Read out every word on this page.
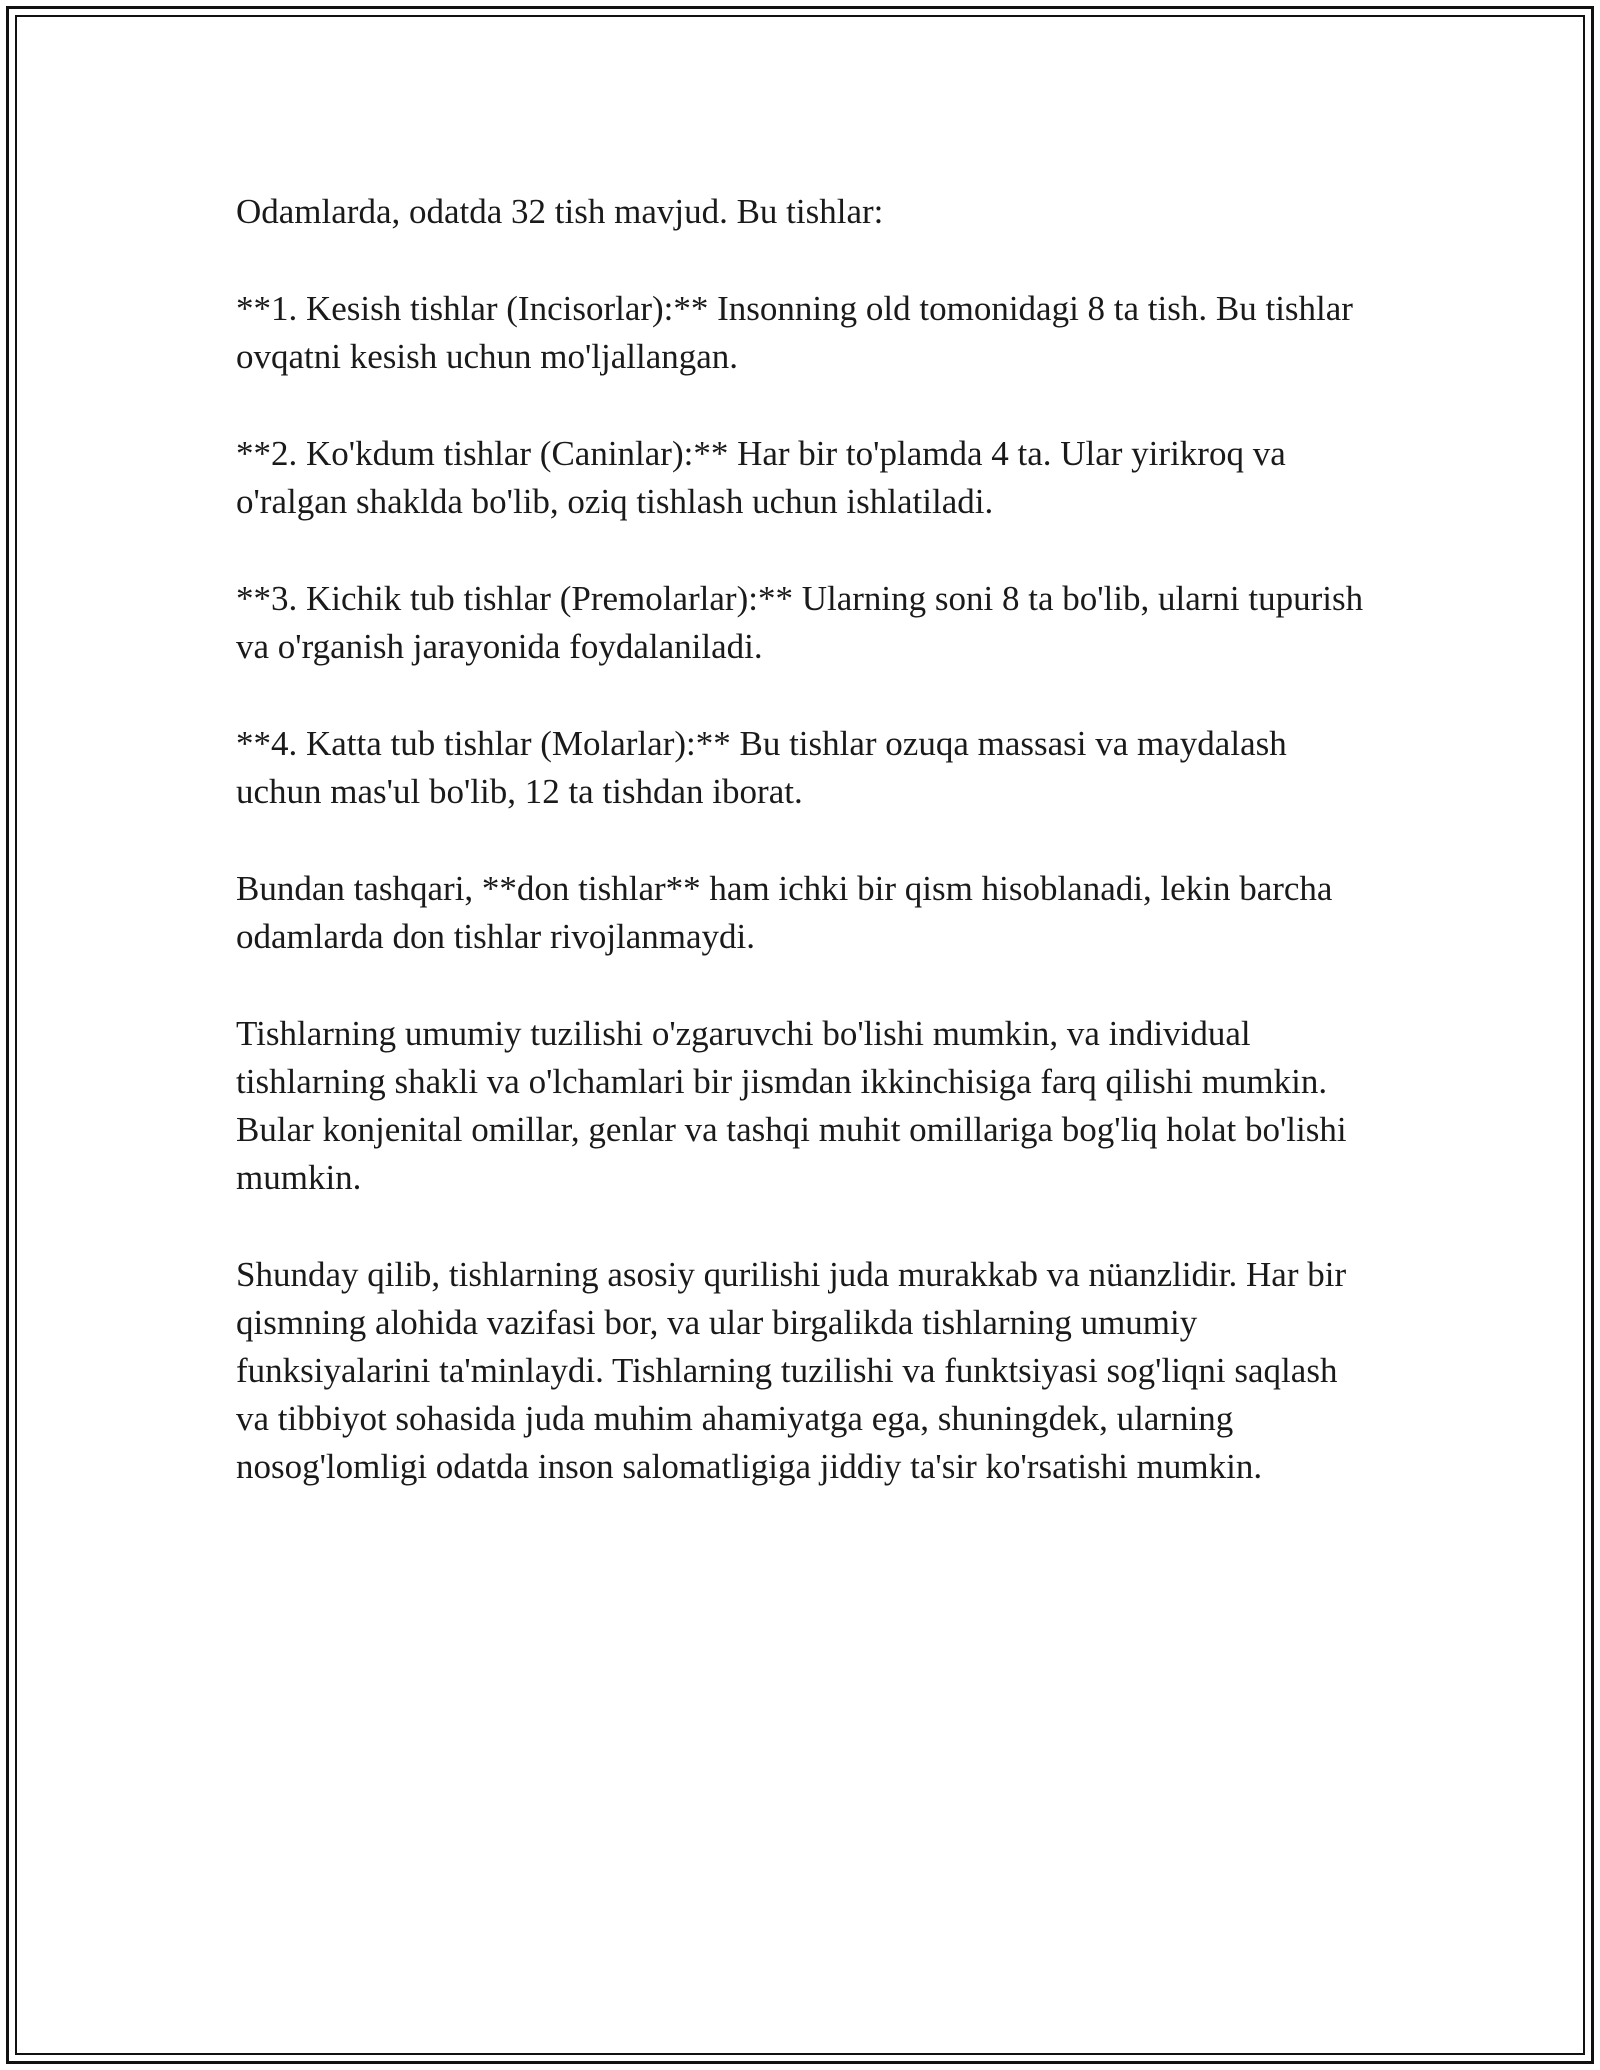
Odamlarda, odatda 32 tish mavjud. Bu tishlar:

**1. Kesish tishlar (Incisorlar):** Insonning old tomonidagi 8 ta tish. Bu tishlar ovqatni kesish uchun mo'ljallangan.

**2. Ko'kdum tishlar (Caninlar):** Har bir to'plamda 4 ta. Ular yirikroq va o'ralgan shaklda bo'lib, oziq tishlash uchun ishlatiladi.

**3. Kichik tub tishlar (Premolarlar):** Ularning soni 8 ta bo'lib, ularni tupurish va o'rganish jarayonida foydalaniladi.

**4. Katta tub tishlar (Molarlar):** Bu tishlar ozuqa massasi va maydalash uchun mas'ul bo'lib, 12 ta tishdan iborat.

Bundan tashqari, **don tishlar** ham ichki bir qism hisoblanadi, lekin barcha odamlarda don tishlar rivojlanmaydi.

Tishlarning umumiy tuzilishi o'zgaruvchi bo'lishi mumkin, va individual tishlarning shakli va o'lchamlari bir jismdan ikkinchisiga farq qilishi mumkin. Bular konjenital omillar, genlar va tashqi muhit omillariga bog'liq holat bo'lishi mumkin.

Shunday qilib, tishlarning asosiy qurilishi juda murakkab va nüanzlidir. Har bir qismning alohida vazifasi bor, va ular birgalikda tishlarning umumiy funksiyalarini ta'minlaydi. Tishlarning tuzilishi va funktsiyasi sog'liqni saqlash va tibbiyot sohasida juda muhim ahamiyatga ega, shuningdek, ularning nosog'lomligi odatda inson salomatligiga jiddiy ta'sir ko'rsatishi mumkin.
